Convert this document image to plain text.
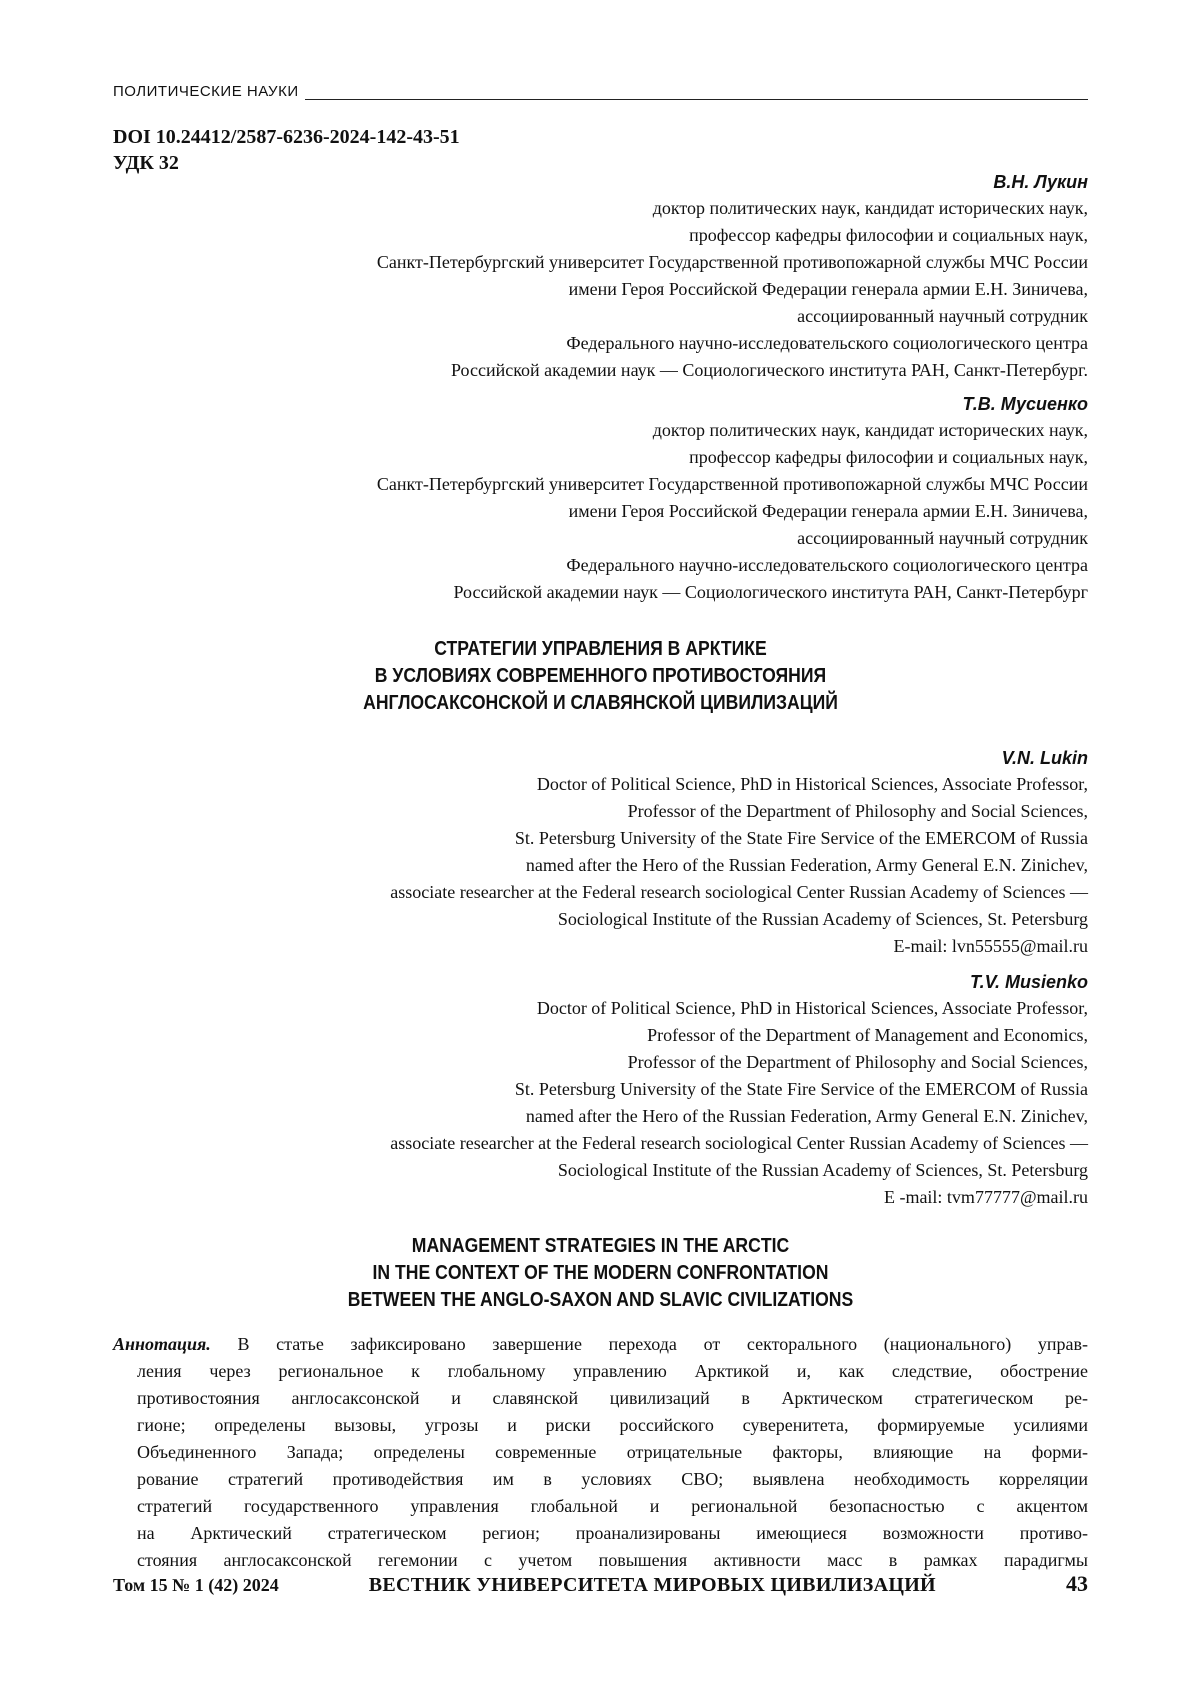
ПОЛИТИЧЕСКИЕ НАУКИ
DOI 10.24412/2587-6236-2024-142-43-51
УДК 32
В.Н. Лукин
доктор политических наук, кандидат исторических наук,
профессор кафедры философии и социальных наук,
Санкт-Петербургский университет Государственной противопожарной службы МЧС России
имени Героя Российской Федерации генерала армии Е.Н. Зиничева,
ассоциированный научный сотрудник
Федерального научно-исследовательского социологического центра
Российской академии наук — Социологического института РАН, Санкт-Петербург.
Т.В. Мусиенко
доктор политических наук, кандидат исторических наук,
профессор кафедры философии и социальных наук,
Санкт-Петербургский университет Государственной противопожарной службы МЧС России
имени Героя Российской Федерации генерала армии Е.Н. Зиничева,
ассоциированный научный сотрудник
Федерального научно-исследовательского социологического центра
Российской академии наук — Социологического института РАН, Санкт-Петербург
СТРАТЕГИИ УПРАВЛЕНИЯ В АРКТИКЕ
В УСЛОВИЯХ СОВРЕМЕННОГО ПРОТИВОСТОЯНИЯ
АНГЛОСАКСОНСКОЙ И СЛАВЯНСКОЙ ЦИВИЛИЗАЦИЙ
V.N. Lukin
Doctor of Political Science, PhD in Historical Sciences, Associate Professor,
Professor of the Department of Philosophy and Social Sciences,
St. Petersburg University of the State Fire Service of the EMERCOM of Russia
named after the Hero of the Russian Federation, Army General E.N. Zinichev,
associate researcher at the Federal research sociological Center Russian Academy of Sciences —
Sociological Institute of the Russian Academy of Sciences, St. Petersburg
E-mail: lvn55555@mail.ru
T.V. Musienko
Doctor of Political Science, PhD in Historical Sciences, Associate Professor,
Professor of the Department of Management and Economics,
Professor of the Department of Philosophy and Social Sciences,
St. Petersburg University of the State Fire Service of the EMERCOM of Russia
named after the Hero of the Russian Federation, Army General E.N. Zinichev,
associate researcher at the Federal research sociological Center Russian Academy of Sciences —
Sociological Institute of the Russian Academy of Sciences, St. Petersburg
E -mail: tvm77777@mail.ru
MANAGEMENT STRATEGIES IN THE ARCTIC
IN THE CONTEXT OF THE MODERN CONFRONTATION
BETWEEN THE ANGLO-SAXON AND SLAVIC CIVILIZATIONS
Аннотация. В статье зафиксировано завершение перехода от секторального (национального) управ-
ления через региональное к глобальному управлению Арктикой и, как следствие, обострение
противостояния англосаксонской и славянской цивилизаций в Арктическом стратегическом ре-
гионе; определены вызовы, угрозы и риски российского суверенитета, формируемые усилиями
Объединенного Запада; определены современные отрицательные факторы, влияющие на форми-
рование стратегий противодействия им в условиях СВО; выявлена необходимость корреляции
стратегий государственного управления глобальной и региональной безопасностью с акцентом
на Арктический стратегическом регион; проанализированы имеющиеся возможности противо-
стояния англосаксонской гегемонии с учетом повышения активности масс в рамках парадигмы
Том 15 № 1 (42) 2024	ВЕСТНИК УНИВЕРСИТЕТА МИРОВЫХ ЦИВИЛИЗАЦИЙ	43
